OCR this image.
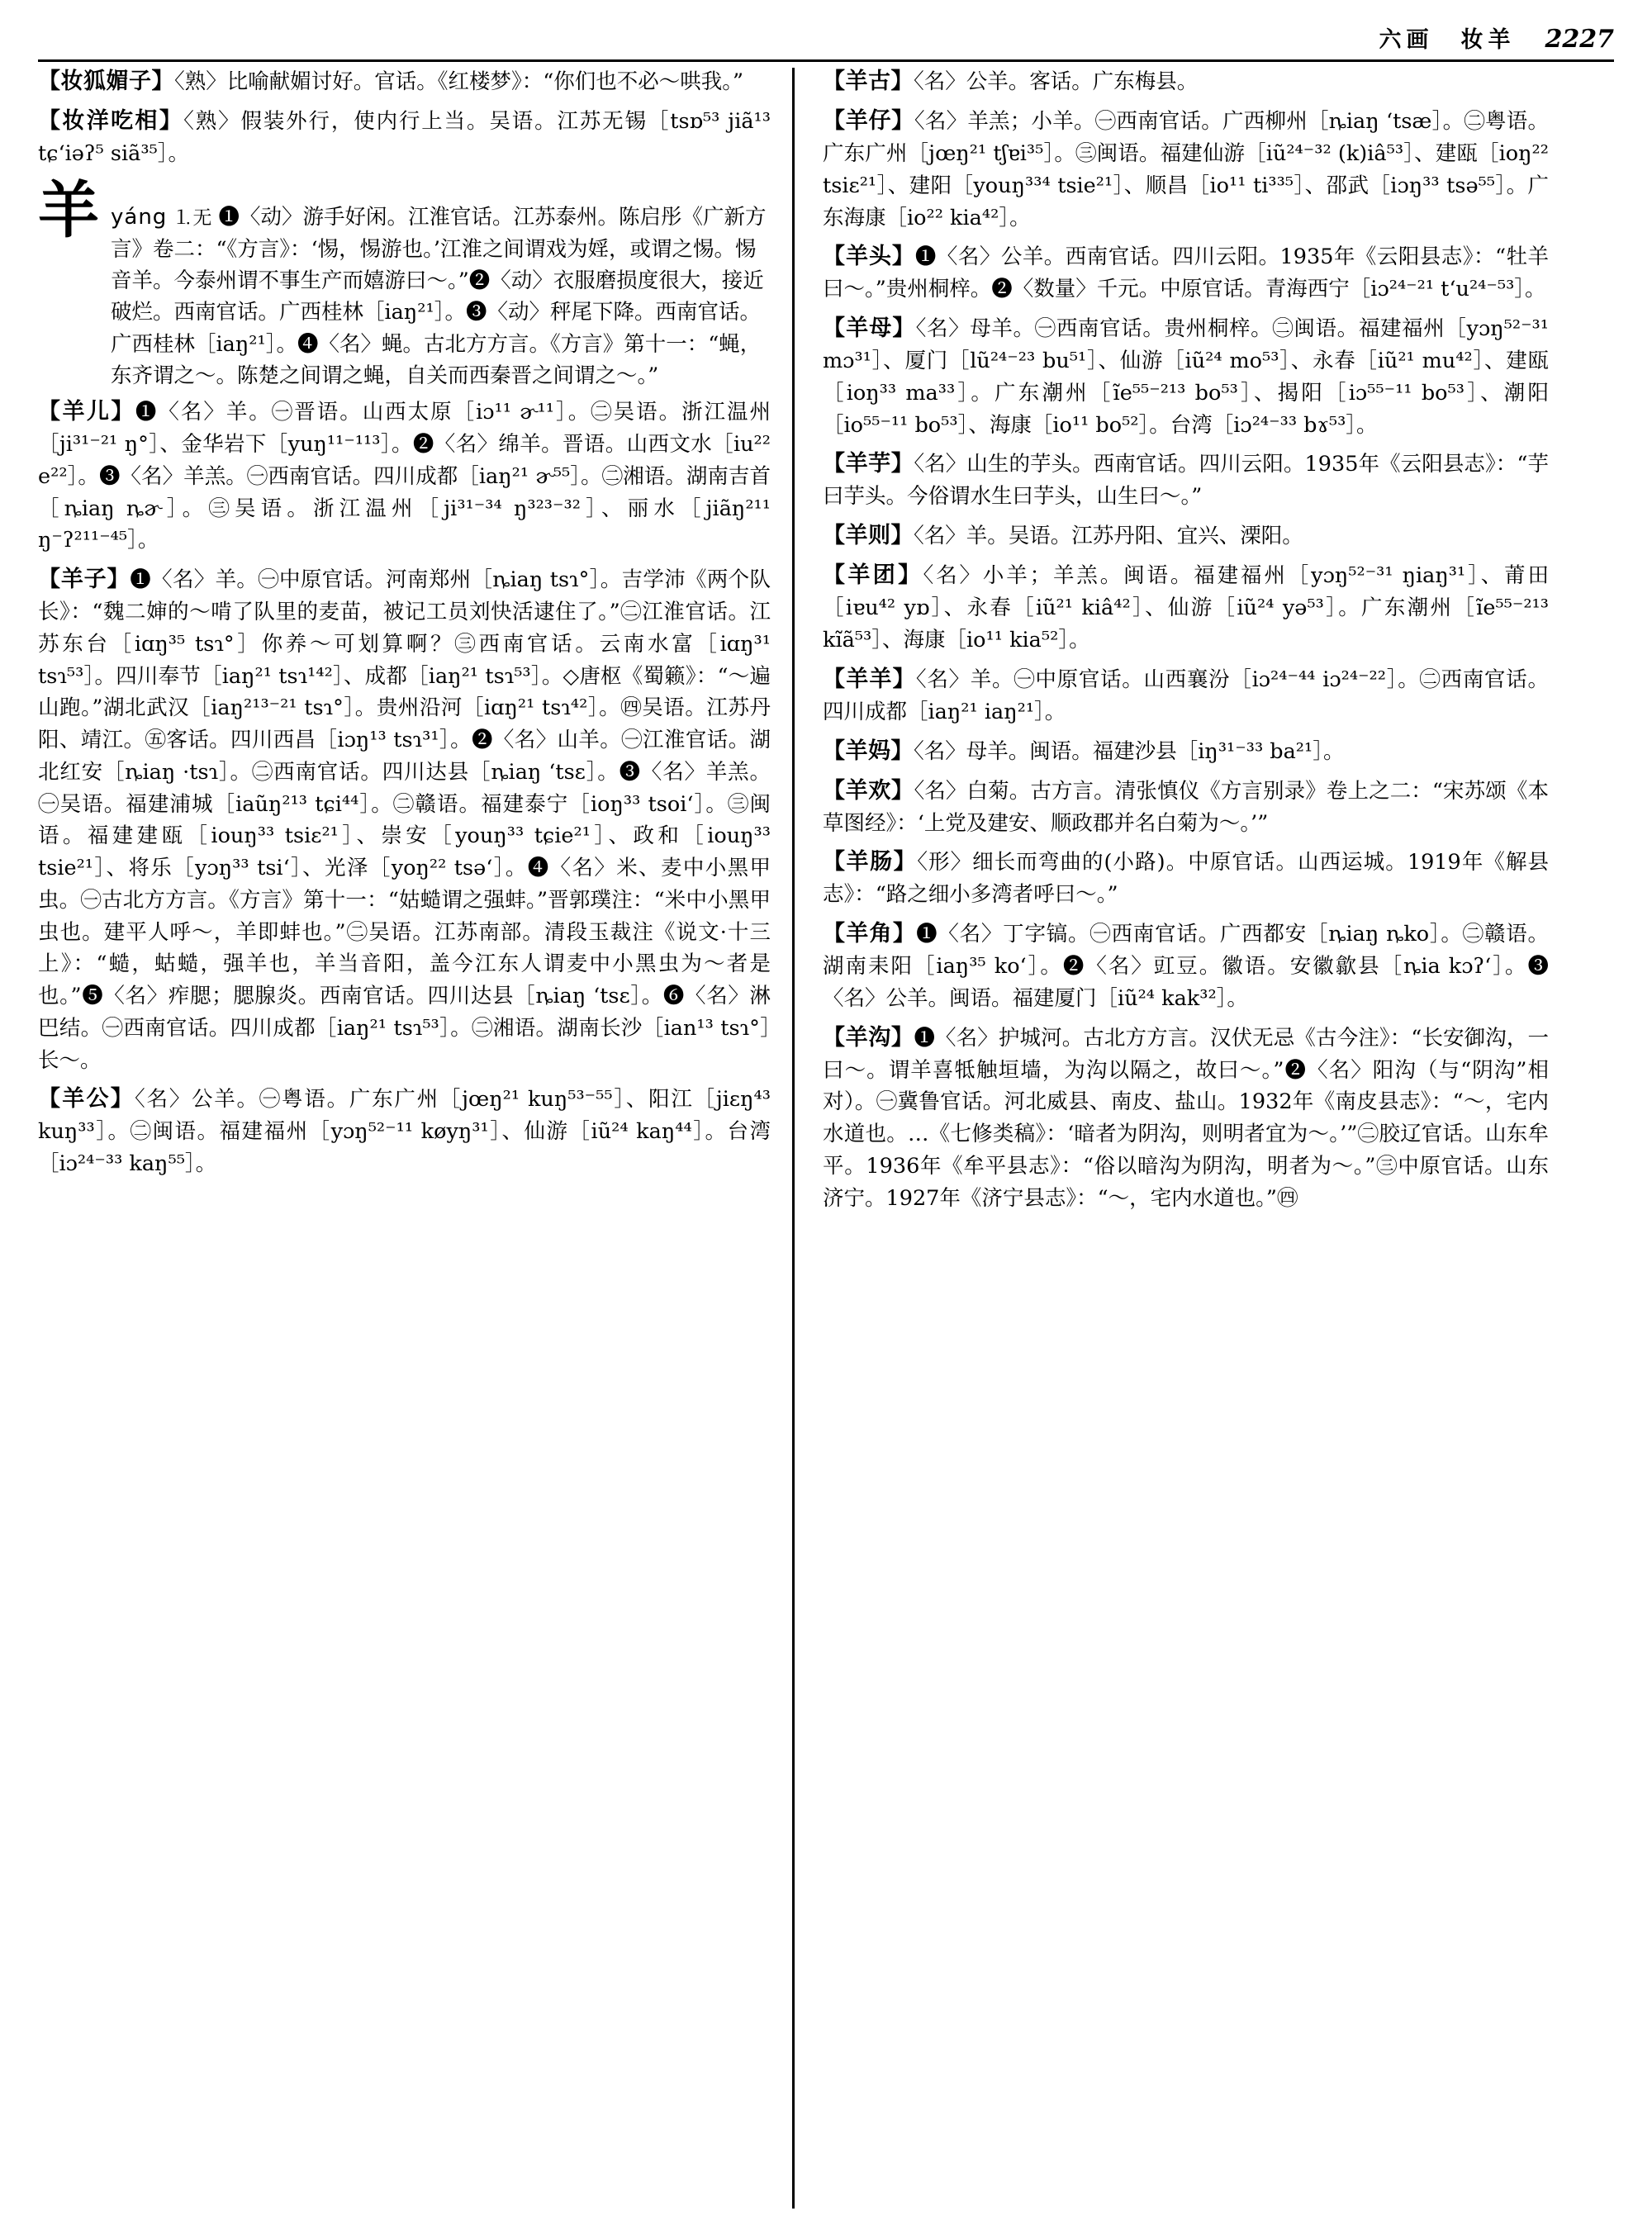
六画　妆羊 2227
【妆狐媚子】〈熟〉比喻献媚讨好。官话。《红楼梦》：“你们也不必～哄我。”
【妆洋吃相】〈熟〉假装外行，使内行上当。吴语。江苏无锡［tsɒ⁵³ jiã¹³ tɕʻiəʔ⁵ siã³⁵］。
羊 yáng ⒈无 ❶〈动〉游手好闲。江淮官话。江苏泰州。陈启彤《广新方言》卷二：“《方言》：‘惕，惕游也。’江淮之间谓戏为婬，或谓之惕。惕音羊。今泰州谓不事生产而嬉游曰～。”❷〈动〉衣服磨损度很大，接近破烂。西南官话。广西桂林［iaŋ²¹］。❸〈动〉秤尾下降。西南官话。广西桂林［iaŋ²¹］。❹〈名〉蝇。古北方方言。《方言》第十一：“蝇，东齐谓之～。陈楚之间谓之蝇，自关而西秦晋之间谓之～。”
【羊儿】❶〈名〉羊。㊀晋语。山西太原［iɔ¹¹ ɚ¹¹］。㊁吴语。浙江温州［ji³¹⁻²¹ ŋ°］、金华岩下［yuŋ¹¹⁻¹¹³］。❷〈名〉绵羊。晋语。山西文水［iu²² e²²］。❸〈名〉羊羔。㊀西南官话。四川成都［iaŋ²¹ ɚ⁵⁵］。㊁湘语。湖南吉首［ȵiaŋ ȵɚ］。㊂吴语。浙江温州［ji³¹⁻³⁴ ŋ³²³⁻³²］、丽水［jiãŋ²¹¹ ŋ⁻ʔ²¹¹⁻⁴⁵］。
【羊子】❶〈名〉羊。㊀中原官话。河南郑州［ȵiaŋ tsɿ°］。吉学沛《两个队长》：“魏二婶的～啃了队里的麦苗，被记工员刘快活逮住了。”㊁江淮官话。江苏东台［iɑŋ³⁵ tsɿ°］你养～可划算啊？㊂西南官话。云南水富［iɑŋ³¹ tsɿ⁵³］。四川奉节［iaŋ²¹ tsɿ¹⁴²］、成都［iaŋ²¹ tsɿ⁵³］。◇唐枢《蜀籁》：“～遍山跑。”湖北武汉［iaŋ²¹³⁻²¹ tsɿ°］。贵州沿河［iɑŋ²¹ tsɿ⁴²］。㊃吴语。江苏丹阳、靖江。㊄客话。四川西昌［iɔŋ¹³ tsɿ³¹］。❷〈名〉山羊。㊀江淮官话。湖北红安［ȵiaŋ ·tsɿ］。㊁西南官话。四川达县［ȵiaŋ ʻtsɛ］。❸〈名〉羊羔。㊀吴语。福建浦城［iaũŋ²¹³ tɕi⁴⁴］。㊁赣语。福建泰宁［ioŋ³³ tsoiʻ］。㊂闽语。福建建瓯［iouŋ³³ tsiɛ²¹］、崇安［youŋ³³ tɕie²¹］、政和［iouŋ³³ tsie²¹］、将乐［yɔŋ³³ tsiʻ］、光泽［yoŋ²² tsəʻ］。❹〈名〉米、麦中小黑甲虫。㊀古北方方言。《方言》第十一：“姑䗢谓之强蚌。”晋郭璞注：“米中小黑甲虫也。建平人呼～，羊即蚌也。”㊁吴语。江苏南部。清段玉裁注《说文·十三上》：“䗢，蛄䗢，强羊也，羊当音阳，盖今江东人谓麦中小黑虫为～者是也。”❺〈名〉痄腮；腮腺炎。西南官话。四川达县［ȵiaŋ ʻtsɛ］。❻〈名〉淋巴结。㊀西南官话。四川成都［iaŋ²¹ tsɿ⁵³］。㊁湘语。湖南长沙［ian¹³ tsɿ°］长～。
【羊公】〈名〉公羊。㊀粤语。广东广州［jœŋ²¹ kuŋ⁵³⁻⁵⁵］、阳江［jiɛŋ⁴³ kuŋ³³］。㊁闽语。福建福州［yɔŋ⁵²⁻¹¹ køyŋ³¹］、仙游［iũ²⁴ kaŋ⁴⁴］。台湾［iɔ²⁴⁻³³ kaŋ⁵⁵］。
【羊古】〈名〉公羊。客话。广东梅县。
【羊仔】〈名〉羊羔；小羊。㊀西南官话。广西柳州［ȵiaŋ ʻtsæ］。㊁粤语。广东广州［jœŋ²¹ tʃɐi³⁵］。㊂闽语。福建仙游［iũ²⁴⁻³² (k)iâ⁵³］、建瓯［ioŋ²² tsiɛ²¹］、建阳［youŋ³³⁴ tsie²¹］、顺昌［io¹¹ ti³³⁵］、邵武［iɔŋ³³ tsə⁵⁵］。广东海康［io²² kia⁴²］。
【羊头】❶〈名〉公羊。西南官话。四川云阳。1935年《云阳县志》：“牡羊曰～。”贵州桐梓。❷〈数量〉千元。中原官话。青海西宁［iɔ²⁴⁻²¹ tʻu²⁴⁻⁵³］。
【羊母】〈名〉母羊。㊀西南官话。贵州桐梓。㊁闽语。福建福州［yɔŋ⁵²⁻³¹ mɔ³¹］、厦门［lũ²⁴⁻²³ bu⁵¹］、仙游［iũ²⁴ mo⁵³］、永春［iũ²¹ mu⁴²］、建瓯［ioŋ³³ ma³³］。广东潮州［ĩe⁵⁵⁻²¹³ bo⁵³］、揭阳［iɔ⁵⁵⁻¹¹ bo⁵³］、潮阳［io⁵⁵⁻¹¹ bo⁵³］、海康［io¹¹ bo⁵²］。台湾［iɔ²⁴⁻³³ bɤ⁵³］。
【羊芋】〈名〉山生的芋头。西南官话。四川云阳。1935年《云阳县志》：“芋曰芋头。今俗谓水生曰芋头，山生曰～。”
【羊则】〈名〉羊。吴语。江苏丹阳、宜兴、溧阳。
【羊团】〈名〉小羊；羊羔。闽语。福建福州［yɔŋ⁵²⁻³¹ ŋiaŋ³¹］、莆田［iɐu⁴² yɒ］、永春［iũ²¹ kiâ⁴²］、仙游［iũ²⁴ yə⁵³］。广东潮州［ĩe⁵⁵⁻²¹³ kĩã⁵³］、海康［io¹¹ kia⁵²］。
【羊羊】〈名〉羊。㊀中原官话。山西襄汾［iɔ²⁴⁻⁴⁴ iɔ²⁴⁻²²］。㊁西南官话。四川成都［iaŋ²¹ iaŋ²¹］。
【羊妈】〈名〉母羊。闽语。福建沙县［iŋ³¹⁻³³ ba²¹］。
【羊欢】〈名〉白菊。古方言。清张慎仪《方言别录》卷上之二：“宋苏颂《本草图经》：‘上党及建安、顺政郡并名白菊为～。’”
【羊肠】〈形〉细长而弯曲的(小路)。中原官话。山西运城。1919年《解县志》：“路之细小多湾者呼曰～。”
【羊角】❶〈名〉丁字镐。㊀西南官话。广西都安［ȵiaŋ ȵko］。㊁赣语。湖南耒阳［iaŋ³⁵ koʻ］。❷〈名〉豇豆。徽语。安徽歙县［ȵia kɔʔʻ］。❸〈名〉公羊。闽语。福建厦门［iũ²⁴ kak³²］。
【羊沟】❶〈名〉护城河。古北方方言。汉伏无忌《古今注》：“长安御沟，一曰～。谓羊喜牴触垣墙，为沟以隔之，故曰～。”❷〈名〉阳沟（与“阴沟”相对）。㊀冀鲁官话。河北威县、南皮、盐山。1932年《南皮县志》：“～，宅内水道也。…《七修类稿》：‘暗者为阴沟，则明者宜为～。’”㊁胶辽官话。山东牟平。1936年《牟平县志》：“俗以暗沟为阴沟，明者为～。”㊂中原官话。山东济宁。1927年《济宁县志》：“～，宅内水道也。”㊃
